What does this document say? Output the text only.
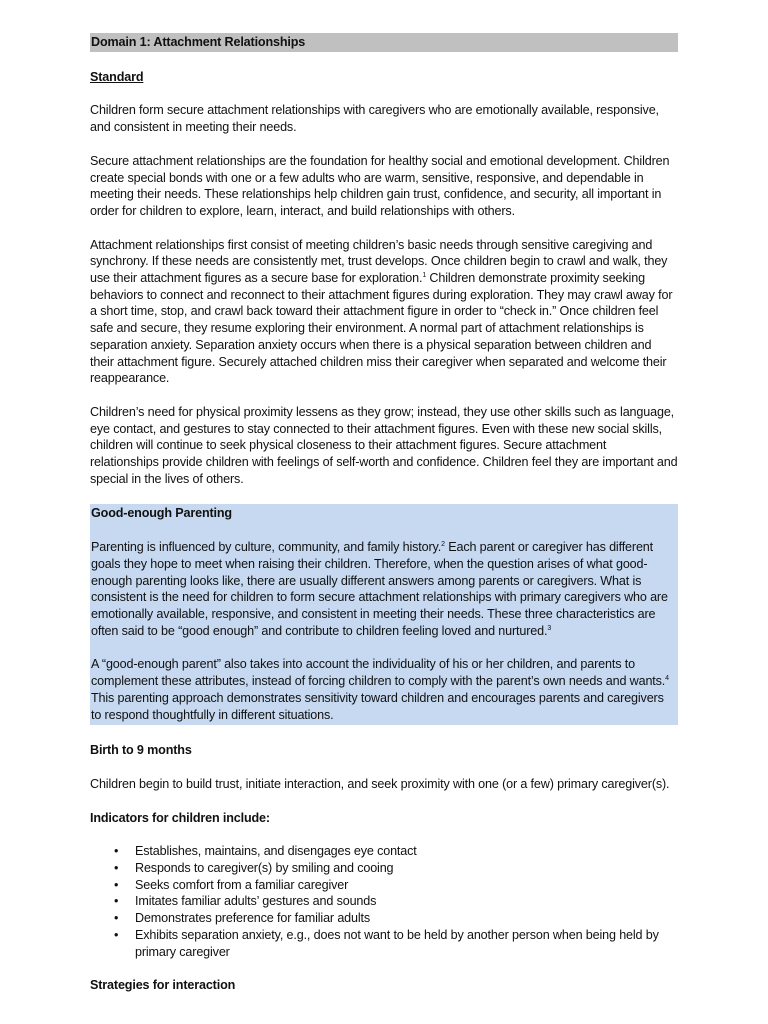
Domain 1: Attachment Relationships

Standard

Children form secure attachment relationships with caregivers who are emotionally available, responsive, and consistent in meeting their needs.

Secure attachment relationships are the foundation for healthy social and emotional development. Children create special bonds with one or a few adults who are warm, sensitive, responsive, and dependable in meeting their needs. These relationships help children gain trust, confidence, and security, all important in order for children to explore, learn, interact, and build relationships with others.

Attachment relationships first consist of meeting children’s basic needs through sensitive caregiving and synchrony. If these needs are consistently met, trust develops. Once children begin to crawl and walk, they use their attachment figures as a secure base for exploration.$^1$ Children demonstrate proximity seeking behaviors to connect and reconnect to their attachment figures during exploration. They may crawl away for a short time, stop, and crawl back toward their attachment figure in order to “check in.” Once children feel safe and secure, they resume exploring their environment. A normal part of attachment relationships is separation anxiety. Separation anxiety occurs when there is a physical separation between children and their attachment figure. Securely attached children miss their caregiver when separated and welcome their reappearance.

Children’s need for physical proximity lessens as they grow; instead, they use other skills such as language, eye contact, and gestures to stay connected to their attachment figures. Even with these new social skills, children will continue to seek physical closeness to their attachment figures. Secure attachment relationships provide children with feelings of self-worth and confidence. Children feel they are important and special in the lives of others.

Good-enough Parenting

Parenting is influenced by culture, community, and family history.$^2$ Each parent or caregiver has different goals they hope to meet when raising their children. Therefore, when the question arises of what good-enough parenting looks like, there are usually different answers among parents or caregivers. What is consistent is the need for children to form secure attachment relationships with primary caregivers who are emotionally available, responsive, and consistent in meeting their needs. These three characteristics are often said to be “good enough” and contribute to children feeling loved and nurtured.$^3$

A “good-enough parent” also takes into account the individuality of his or her children, and parents to complement these attributes, instead of forcing children to comply with the parent’s own needs and wants.$^4$ This parenting approach demonstrates sensitivity toward children and encourages parents and caregivers to respond thoughtfully in different situations.

Birth to 9 months

Children begin to build trust, initiate interaction, and seek proximity with one (or a few) primary caregiver(s).

Indicators for children include:

• Establishes, maintains, and disengages eye contact
• Responds to caregiver(s) by smiling and cooing
• Seeks comfort from a familiar caregiver
• Imitates familiar adults’ gestures and sounds
• Demonstrates preference for familiar adults
• Exhibits separation anxiety, e.g., does not want to be held by another person when being held by primary caregiver

Strategies for interaction
